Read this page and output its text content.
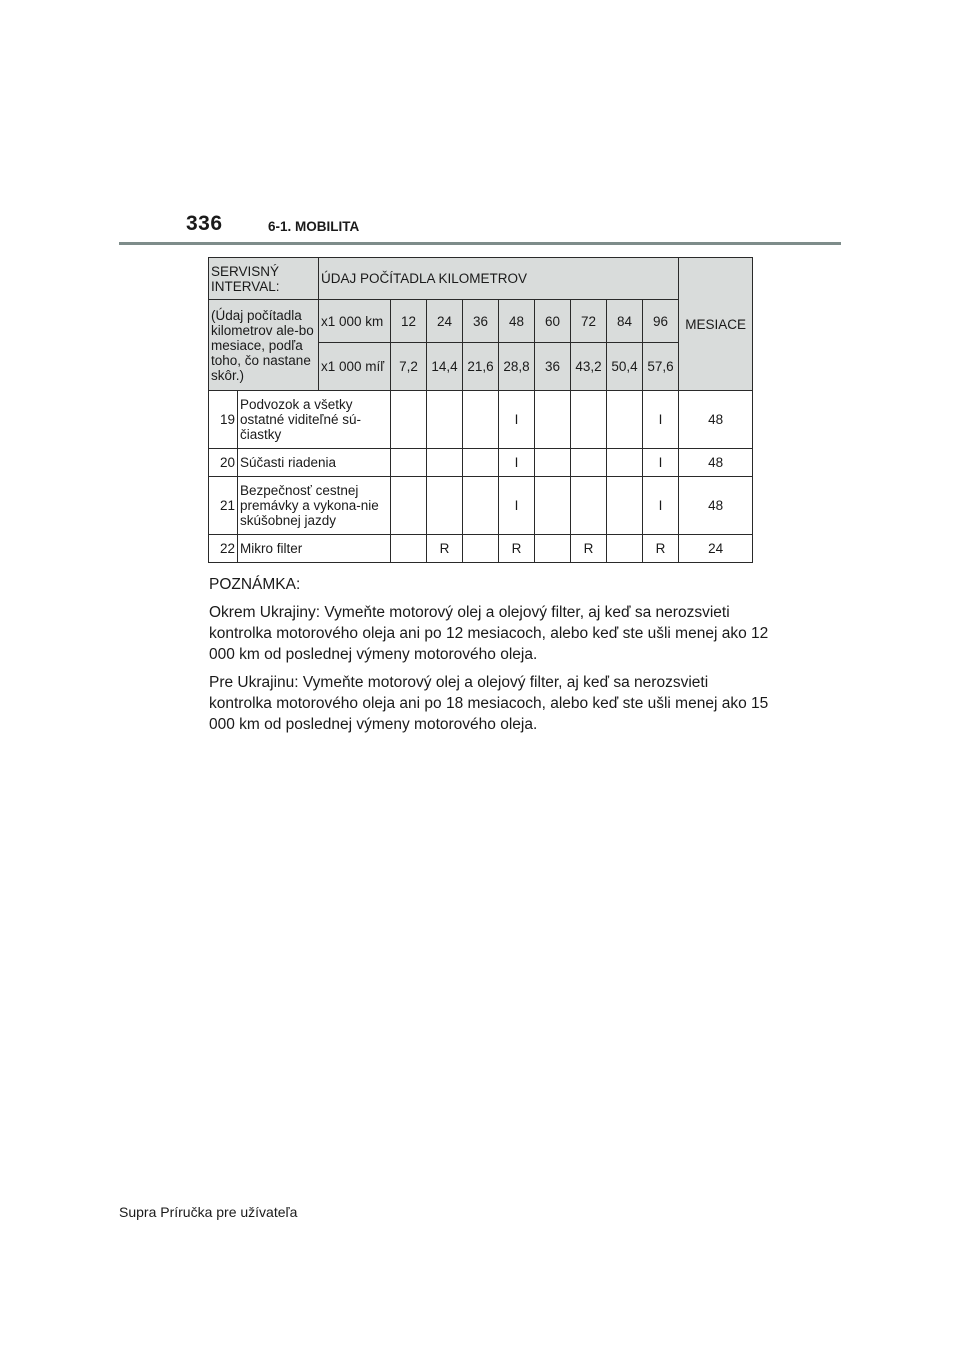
336	6-1. MOBILITA
SERVISNÝ INTERVAL:		ÚDAJ POČÍTADLA KILOMETROV									MESIACE
(Údaj počítadla kilometrov ale-bo mesiace, podľa toho, čo nastane skôr.)		x1 000 km	12	24	36	48	60	72	84	96	
		x1 000 míľ	7,2	14,4	21,6	28,8	36	43,2	50,4	57,6	
19	Podvozok a všetky ostatné viditeľné sú-čiastky					I				I	48
20	Súčasti riadenia					I				I	48
21	Bezpečnosť cestnej premávky a vykona-nie skúšobnej jazdy					I				I	48
22	Mikro filter			R		R		R		R	24

POZNÁMKA:

Okrem Ukrajiny: Vymeňte motorový olej a olejový filter, aj keď sa nerozsvieti kontrolka motorového oleja ani po 12 mesiacoch, alebo keď ste ušli menej ako 12 000 km od poslednej výmeny motorového oleja.

Pre Ukrajinu: Vymeňte motorový olej a olejový filter, aj keď sa nerozsvieti kontrolka motorového oleja ani po 18 mesiacoch, alebo keď ste ušli menej ako 15 000 km od poslednej výmeny motorového oleja.

Supra Príručka pre užívateľa
